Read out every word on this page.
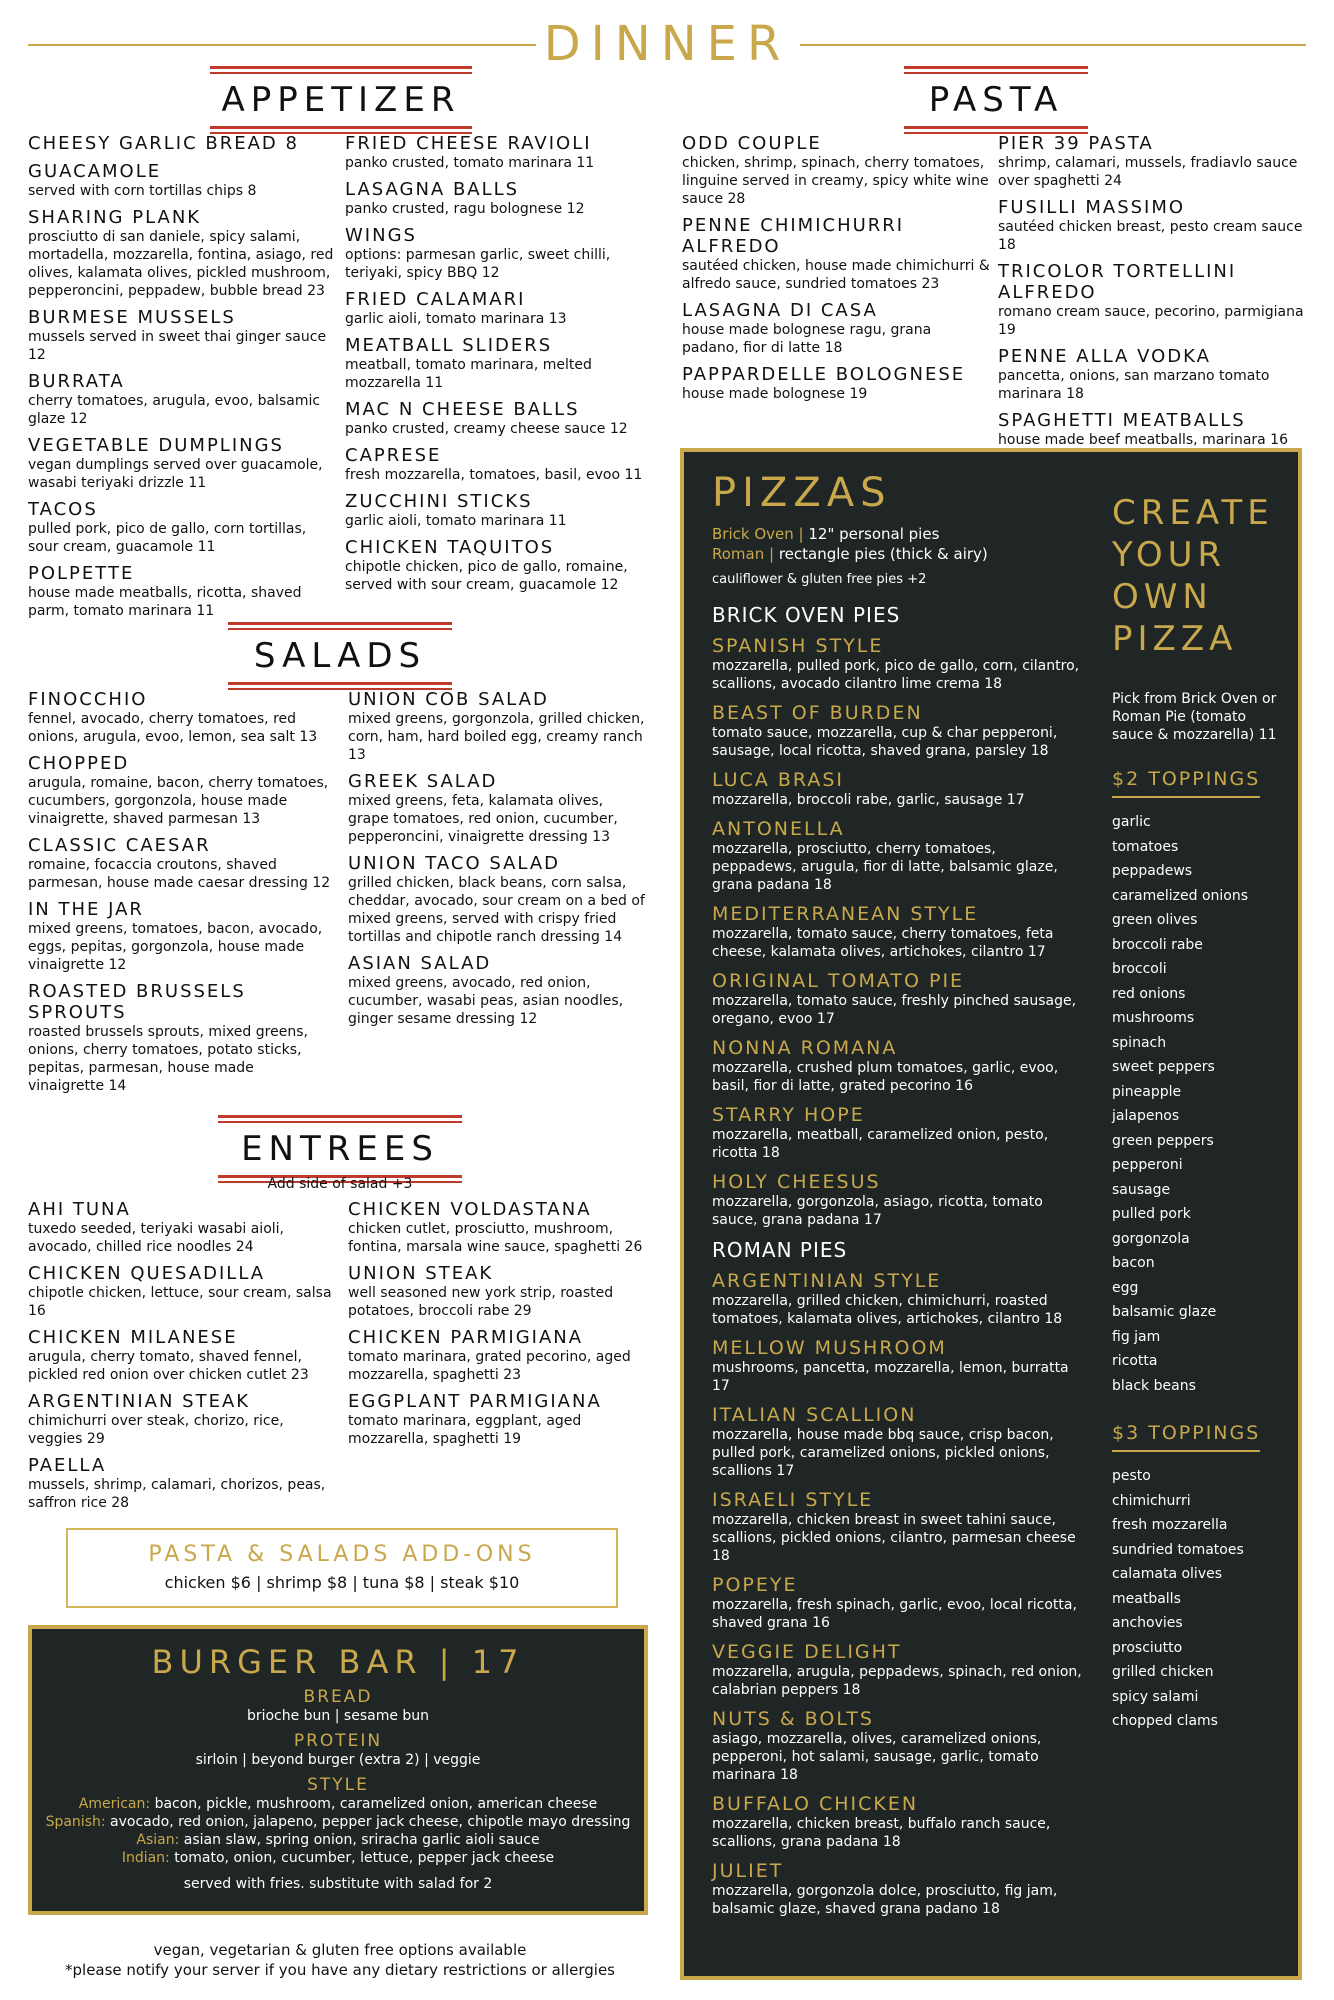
DINNER
APPETIZER
CHEESY GARLIC BREAD 8
GUACAMOLE
served with corn tortillas chips 8
SHARING PLANK
prosciutto di san daniele, spicy salami, mortadella, mozzarella, fontina, asiago, red olives, kalamata olives, pickled mushroom, pepperoncini, peppadew, bubble bread 23
BURMESE MUSSELS
mussels served in sweet thai ginger sauce 12
BURRATA
cherry tomatoes, arugula, evoo, balsamic glaze 12
VEGETABLE DUMPLINGS
vegan dumplings served over guacamole, wasabi teriyaki drizzle 11
TACOS
pulled pork, pico de gallo, corn tortillas, sour cream, guacamole 11
POLPETTE
house made meatballs, ricotta, shaved parm, tomato marinara 11
FRIED CHEESE RAVIOLI
panko crusted, tomato marinara 11
LASAGNA BALLS
panko crusted, ragu bolognese 12
WINGS
options: parmesan garlic, sweet chilli, teriyaki, spicy BBQ 12
FRIED CALAMARI
garlic aioli, tomato marinara 13
MEATBALL SLIDERS
meatball, tomato marinara, melted mozzarella 11
MAC N CHEESE BALLS
panko crusted, creamy cheese sauce 12
CAPRESE
fresh mozzarella, tomatoes, basil, evoo 11
ZUCCHINI STICKS
garlic aioli, tomato marinara 11
CHICKEN TAQUITOS
chipotle chicken, pico de gallo, romaine, served with sour cream, guacamole 12
PASTA
ODD COUPLE
chicken, shrimp, spinach, cherry tomatoes, linguine served in creamy, spicy white wine sauce 28
PENNE CHIMICHURRI ALFREDO
sautéed chicken, house made chimichurri & alfredo sauce, sundried tomatoes 23
LASAGNA DI CASA
house made bolognese ragu, grana padano, fior di latte 18
PAPPARDELLE BOLOGNESE
house made bolognese 19
PIER 39 PASTA
shrimp, calamari, mussels, fradiavlo sauce over spaghetti 24
FUSILLI MASSIMO
sautéed chicken breast, pesto cream sauce 18
TRICOLOR TORTELLINI ALFREDO
romano cream sauce, pecorino, parmigiana 19
PENNE ALLA VODKA
pancetta, onions, san marzano tomato marinara 18
SPAGHETTI MEATBALLS
house made beef meatballs, marinara 16
SALADS
FINOCCHIO
fennel, avocado, cherry tomatoes, red onions, arugula, evoo, lemon, sea salt 13
CHOPPED
arugula, romaine, bacon, cherry tomatoes, cucumbers, gorgonzola, house made vinaigrette, shaved parmesan 13
CLASSIC CAESAR
romaine, focaccia croutons, shaved parmesan, house made caesar dressing 12
IN THE JAR
mixed greens, tomatoes, bacon, avocado, eggs, pepitas, gorgonzola, house made vinaigrette 12
ROASTED BRUSSELS SPROUTS
roasted brussels sprouts, mixed greens, onions, cherry tomatoes, potato sticks, pepitas, parmesan, house made vinaigrette 14
UNION COB SALAD
mixed greens, gorgonzola, grilled chicken, corn, ham, hard boiled egg, creamy ranch 13
GREEK SALAD
mixed greens, feta, kalamata olives, grape tomatoes, red onion, cucumber, pepperoncini, vinaigrette dressing 13
UNION TACO SALAD
grilled chicken, black beans, corn salsa, cheddar, avocado, sour cream on a bed of mixed greens, served with crispy fried tortillas and chipotle ranch dressing 14
ASIAN SALAD
mixed greens, avocado, red onion, cucumber, wasabi peas, asian noodles, ginger sesame dressing 12
ENTREES
Add side of salad +3
AHI TUNA
tuxedo seeded, teriyaki wasabi aioli, avocado, chilled rice noodles 24
CHICKEN QUESADILLA
chipotle chicken, lettuce, sour cream, salsa 16
CHICKEN MILANESE
arugula, cherry tomato, shaved fennel, pickled red onion over chicken cutlet 23
ARGENTINIAN STEAK
chimichurri over steak, chorizo, rice, veggies 29
PAELLA
mussels, shrimp, calamari, chorizos, peas, saffron rice 28
CHICKEN VOLDASTANA
chicken cutlet, prosciutto, mushroom, fontina, marsala wine sauce, spaghetti 26
UNION STEAK
well seasoned new york strip, roasted potatoes, broccoli rabe 29
CHICKEN PARMIGIANA
tomato marinara, grated pecorino, aged mozzarella, spaghetti 23
EGGPLANT PARMIGIANA
tomato marinara, eggplant, aged mozzarella, spaghetti 19
PASTA & SALADS ADD-ONS
chicken $6 | shrimp $8 | tuna $8 | steak $10
BURGER BAR | 17
BREAD
brioche bun | sesame bun
PROTEIN
sirloin | beyond burger (extra 2) | veggie
STYLE
American: bacon, pickle, mushroom, caramelized onion, american cheese
Spanish: avocado, red onion, jalapeno, pepper jack cheese, chipotle mayo dressing
Asian: asian slaw, spring onion, sriracha garlic aioli sauce
Indian: tomato, onion, cucumber, lettuce, pepper jack cheese
served with fries. substitute with salad for 2
vegan, vegetarian & gluten free options available
*please notify your server if you have any dietary restrictions or allergies
PIZZAS
Brick Oven | 12" personal pies
Roman | rectangle pies (thick & airy)
cauliflower & gluten free pies +2
BRICK OVEN PIES
SPANISH STYLE
mozzarella, pulled pork, pico de gallo, corn, cilantro, scallions, avocado cilantro lime crema 18
BEAST OF BURDEN
tomato sauce, mozzarella, cup & char pepperoni, sausage, local ricotta, shaved grana, parsley 18
LUCA BRASI
mozzarella, broccoli rabe, garlic, sausage 17
ANTONELLA
mozzarella, prosciutto, cherry tomatoes, peppadews, arugula, fior di latte, balsamic glaze, grana padana 18
MEDITERRANEAN STYLE
mozzarella, tomato sauce, cherry tomatoes, feta cheese, kalamata olives, artichokes, cilantro 17
ORIGINAL TOMATO PIE
mozzarella, tomato sauce, freshly pinched sausage, oregano, evoo 17
NONNA ROMANA
mozzarella, crushed plum tomatoes, garlic, evoo, basil, fior di latte, grated pecorino 16
STARRY HOPE
mozzarella, meatball, caramelized onion, pesto, ricotta 18
HOLY CHEESUS
mozzarella, gorgonzola, asiago, ricotta, tomato sauce, grana padana 17
ROMAN PIES
ARGENTINIAN STYLE
mozzarella, grilled chicken, chimichurri, roasted tomatoes, kalamata olives, artichokes, cilantro 18
MELLOW MUSHROOM
mushrooms, pancetta, mozzarella, lemon, burratta 17
ITALIAN SCALLION
mozzarella, house made bbq sauce, crisp bacon, pulled pork, caramelized onions, pickled onions, scallions 17
ISRAELI STYLE
mozzarella, chicken breast in sweet tahini sauce, scallions, pickled onions, cilantro, parmesan cheese 18
POPEYE
mozzarella, fresh spinach, garlic, evoo, local ricotta, shaved grana 16
VEGGIE DELIGHT
mozzarella, arugula, peppadews, spinach, red onion, calabrian peppers 18
NUTS & BOLTS
asiago, mozzarella, olives, caramelized onions, pepperoni, hot salami, sausage, garlic, tomato marinara 18
BUFFALO CHICKEN
mozzarella, chicken breast, buffalo ranch sauce, scallions, grana padana 18
JULIET
mozzarella, gorgonzola dolce, prosciutto, fig jam, balsamic glaze, shaved grana padano 18
CREATE
YOUR
OWN
PIZZA
Pick from Brick Oven or Roman Pie (tomato sauce & mozzarella) 11
$2 TOPPINGS
garlic
tomatoes
peppadews
caramelized onions
green olives
broccoli rabe
broccoli
red onions
mushrooms
spinach
sweet peppers
pineapple
jalapenos
green peppers
pepperoni
sausage
pulled pork
gorgonzola
bacon
egg
balsamic glaze
fig jam
ricotta
black beans
$3 TOPPINGS
pesto
chimichurri
fresh mozzarella
sundried tomatoes
calamata olives
meatballs
anchovies
prosciutto
grilled chicken
spicy salami
chopped clams
